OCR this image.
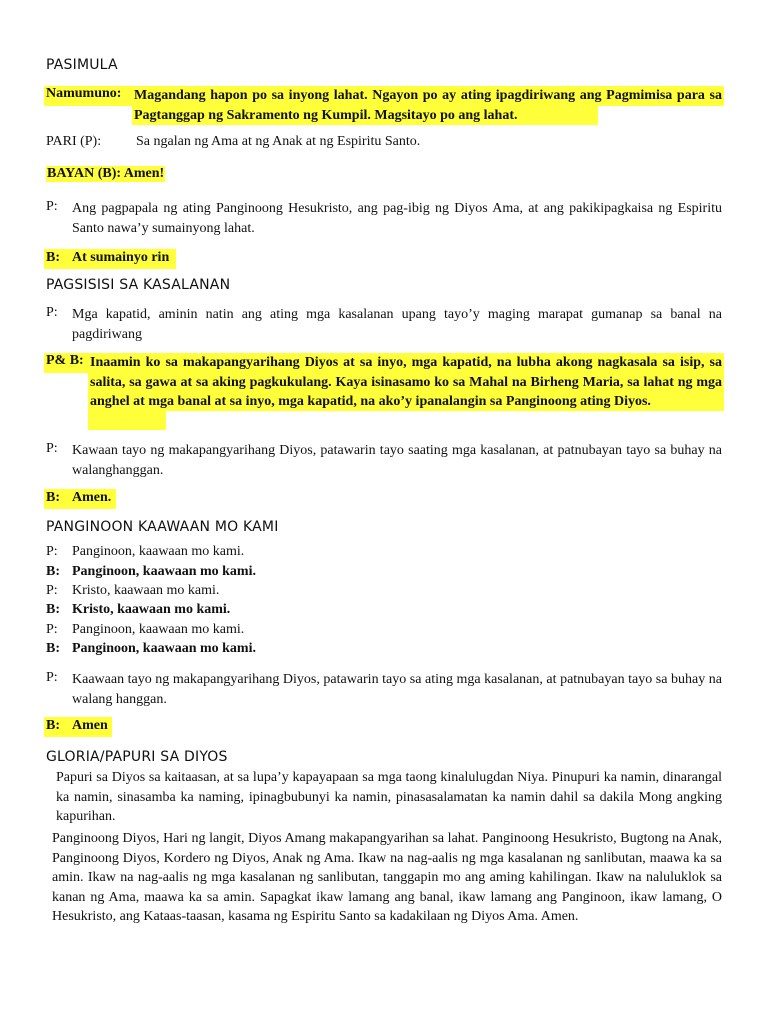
PASIMULA
Namumuno: Magandang hapon po sa inyong lahat. Ngayon po ay ating ipagdiriwang ang Pagmimisa para sa Pagtanggap ng Sakramento ng Kumpil. Magsitayo po ang lahat.
PARI (P): Sa ngalan ng Ama at ng Anak at ng Espiritu Santo.
BAYAN (B): Amen!
P: Ang pagpapala ng ating Panginoong Hesukristo, ang pag-ibig ng Diyos Ama, at ang pakikipagkaisa ng Espiritu Santo nawa’y sumainyong lahat.
B: At sumainyo rin
PAGSISISI SA KASALANAN
P: Mga kapatid, aminin natin ang ating mga kasalanan upang tayo’y maging marapat gumanap sa banal na pagdiriwang
P& B: Inaamin ko sa makapangyarihang Diyos at sa inyo, mga kapatid, na lubha akong nagkasala sa isip, sa salita, sa gawa at sa aking pagkukulang. Kaya isinasamo ko sa Mahal na Birheng Maria, sa lahat ng mga anghel at mga banal at sa inyo, mga kapatid, na ako’y ipanalangin sa Panginoong ating Diyos.
P: Kawaan tayo ng makapangyarihang Diyos, patawarin tayo saating mga kasalanan, at patnubayan tayo sa buhay na walanghanggan.
B: Amen.
PANGINOON KAAWAAN MO KAMI
P: Panginoon, kaawaan mo kami.
B: Panginoon, kaawaan mo kami.
P: Kristo, kaawaan mo kami.
B: Kristo, kaawaan mo kami.
P: Panginoon, kaawaan mo kami.
B: Panginoon, kaawaan mo kami.
P: Kaawaan tayo ng makapangyarihang Diyos, patawarin tayo sa ating mga kasalanan, at patnubayan tayo sa buhay na walang hanggan.
B: Amen
GLORIA/PAPURI SA DIYOS
Papuri sa Diyos sa kaitaasan, at sa lupa’y kapayapaan sa mga taong kinalulugdan Niya. Pinupuri ka namin, dinarangal ka namin, sinasamba ka naming, ipinagbubunyi ka namin, pinasasalamatan ka namin dahil sa dakila Mong angking kapurihan.
Panginoong Diyos, Hari ng langit, Diyos Amang makapangyarihan sa lahat. Panginoong Hesukristo, Bugtong na Anak, Panginoong Diyos, Kordero ng Diyos, Anak ng Ama. Ikaw na nag-aalis ng mga kasalanan ng sanlibutan, maawa ka sa amin. Ikaw na nag-aalis ng mga kasalanan ng sanlibutan, tanggapin mo ang aming kahilingan. Ikaw na naluluklok sa kanan ng Ama, maawa ka sa amin. Sapagkat ikaw lamang ang banal, ikaw lamang ang Panginoon, ikaw lamang, O Hesukristo, ang Kataas-taasan, kasama ng Espiritu Santo sa kadakilaan ng Diyos Ama. Amen.
